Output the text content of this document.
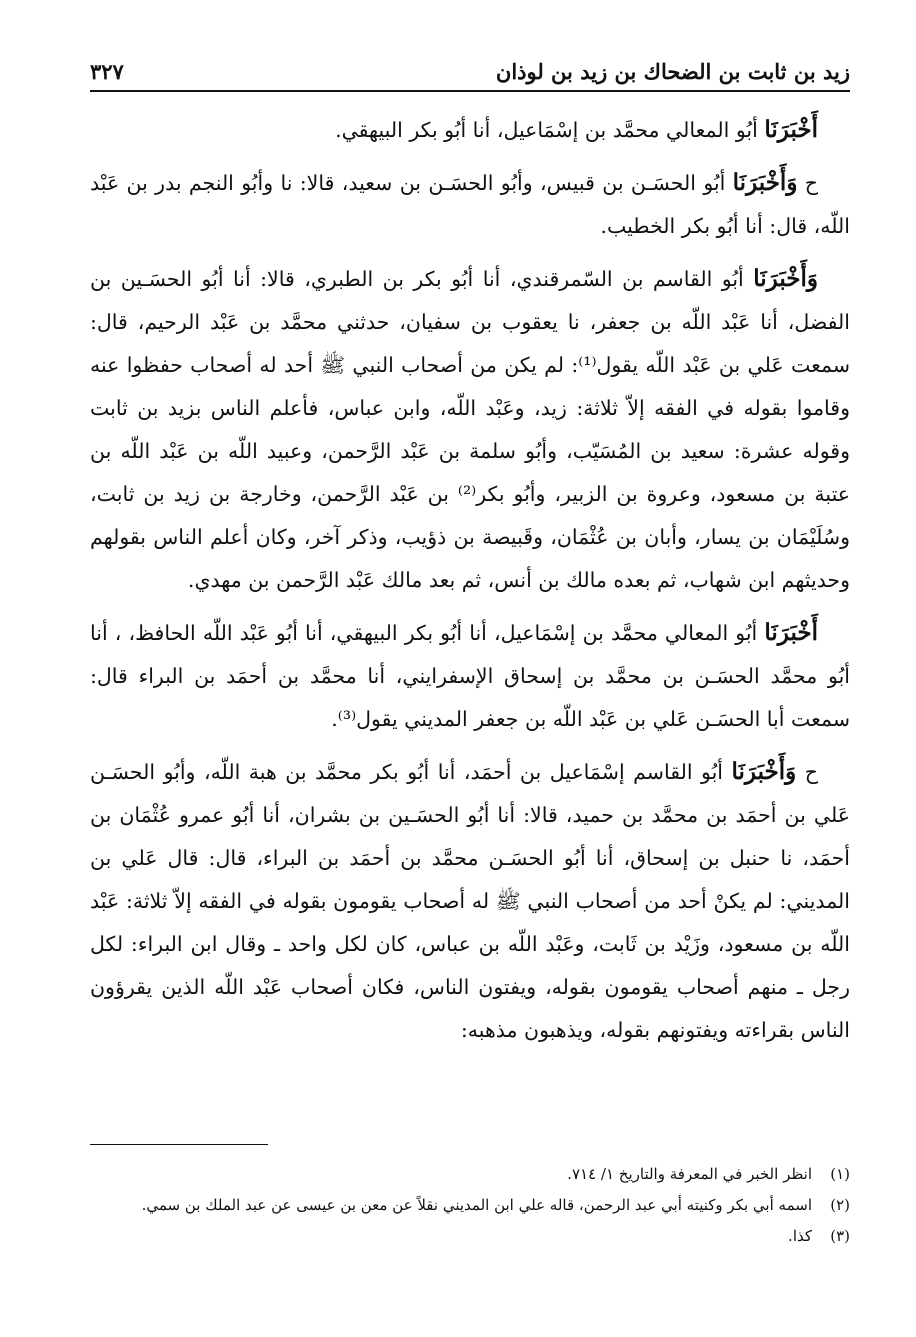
زيد بن ثابت بن الضحاك بن زيد بن لوذان
٣٢٧

أَخْبَرَنَا أبُو المعالي محمَّد بن إسْمَاعيل، أنا أبُو بكر البيهقي.

ح وَأَخْبَرَنَا أبُو الحسَـن بن قبيس، وأبُو الحسَـن بن سعيد، قالا: نا وأبُو النجم بدر بن عَبْد اللّه، قال: أنا أبُو بكر الخطيب.

وَأَخْبَرَنَا أبُو القاسم بن السّمرقندي، أنا أبُو بكر بن الطبري، قالا: أنا أبُو الحسَـين بن الفضل، أنا عَبْد اللّه بن جعفر، نا يعقوب بن سفيان، حدثني محمَّد بن عَبْد الرحيم، قال: سمعت عَلي بن عَبْد اللّه يقول⁽¹⁾: لم يكن من أصحاب النبي ﷺ أحد له أصحاب حفظوا عنه وقاموا بقوله في الفقه إلاّ ثلاثة: زيد، وعَبْد اللّه، وابن عباس، فأعلم الناس بزيد بن ثابت وقوله عشرة: سعيد بن المُسَيّب، وأبُو سلمة بن عَبْد الرَّحمن، وعبيد اللّه بن عَبْد اللّه بن عتبة بن مسعود، وعروة بن الزبير، وأبُو بكر⁽²⁾ بن عَبْد الرَّحمن، وخارجة بن زيد بن ثابت، وسُلَيْمَان بن يسار، وأبان بن عُثْمَان، وقَبيصة بن ذؤيب، وذكر آخر، وكان أعلم الناس بقولهم وحديثهم ابن شهاب، ثم بعده مالك بن أنس، ثم بعد مالك عَبْد الرَّحمن بن مهدي.

أَخْبَرَنَا أبُو المعالي محمَّد بن إسْمَاعيل، أنا أبُو بكر البيهقي، أنا أبُو عَبْد اللّه الحافظ، ، أنا أبُو محمَّد الحسَـن بن محمَّد بن إسحاق الإسفرايني، أنا محمَّد بن أحمَد بن البراء قال: سمعت أبا الحسَـن عَلي بن عَبْد اللّه بن جعفر المديني يقول⁽³⁾.

ح وَأَخْبَرَنَا أبُو القاسم إسْمَاعيل بن أحمَد، أنا أبُو بكر محمَّد بن هبة اللّه، وأبُو الحسَـن عَلي بن أحمَد بن محمَّد بن حميد، قالا: أنا أبُو الحسَـين بن بشران، أنا أبُو عمرو عُثْمَان بن أحمَد، نا حنبل بن إسحاق، أنا أبُو الحسَـن محمَّد بن أحمَد بن البراء، قال: قال عَلي بن المديني: لم يكنْ أحد من أصحاب النبي ﷺ له أصحاب يقومون بقوله في الفقه إلاّ ثلاثة: عَبْد اللّه بن مسعود، وزَيْد بن ثَابت، وعَبْد اللّه بن عباس، كان لكل واحد ـ وقال ابن البراء: لكل رجل ـ منهم أصحاب يقومون بقوله، ويفتون الناس، فكان أصحاب عَبْد اللّه الذين يقرؤون الناس بقراءته ويفتونهم بقوله، ويذهبون مذهبه:

(١)
انظر الخبر في المعرفة والتاريخ ١/ ٧١٤.
(٢)
اسمه أبي بكر وكنيته أبي عبد الرحمن، قاله علي ابن المديني نقلاً عن معن بن عيسى عن عبد الملك بن سمي.
(٣)
كذا.
